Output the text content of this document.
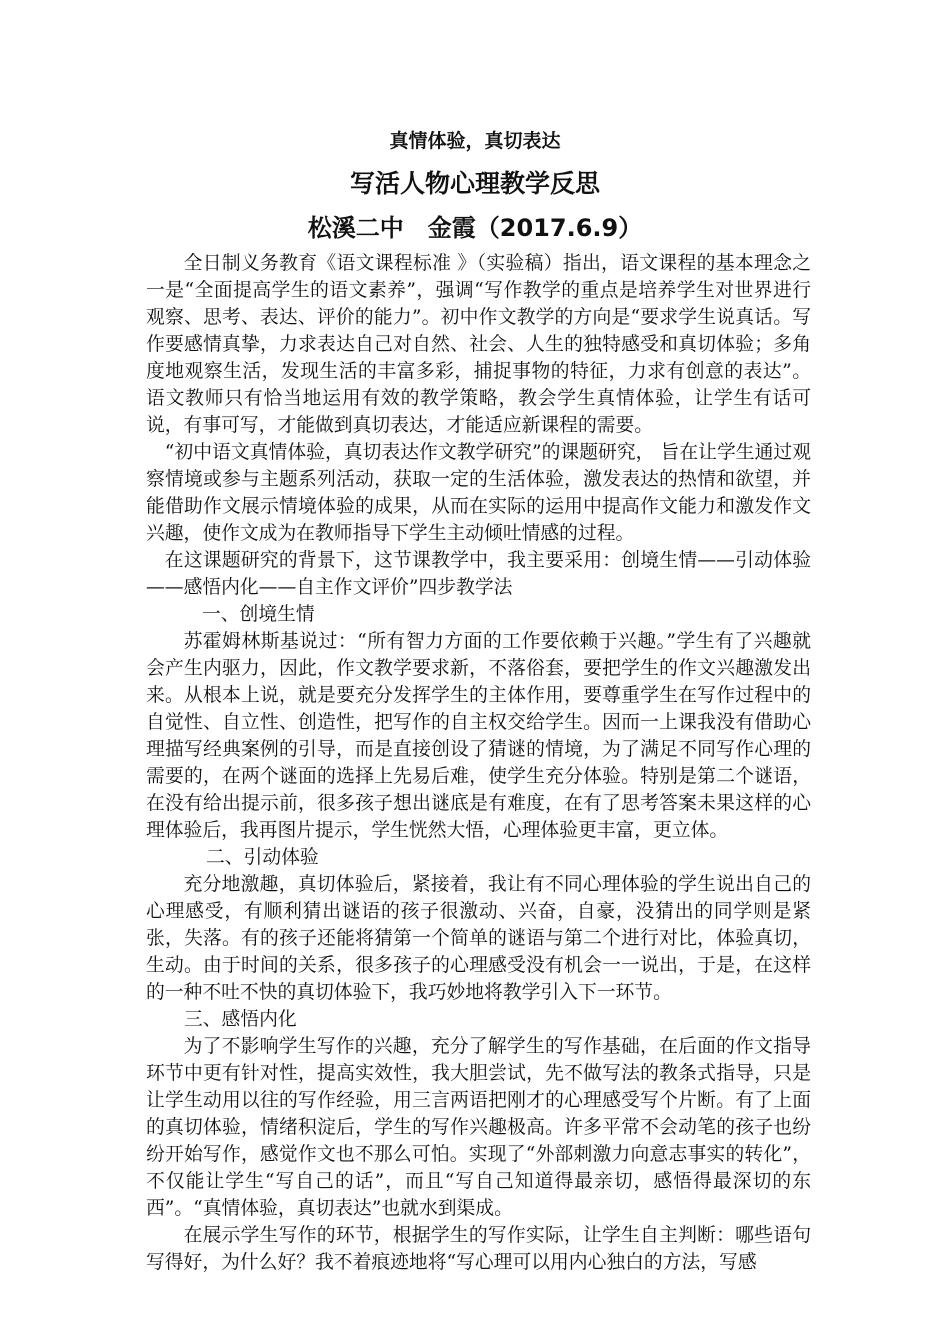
真情体验，真切表达
写活人物心理教学反思
松溪二中　金霞（2017.6.9）

全日制义务教育《语文课程标准 》（实验稿）指出，语文课程的基本理念之一是“全面提高学生的语文素养”，强调“写作教学的重点是培养学生对世界进行观察、思考、表达、评价的能力”。初中作文教学的方向是“要求学生说真话。写作要感情真挚，力求表达自己对自然、社会、人生的独特感受和真切体验；多角度地观察生活，发现生活的丰富多彩，捕捉事物的特征，力求有创意的表达”。语文教师只有恰当地运用有效的教学策略，教会学生真情体验，让学生有话可说，有事可写，才能做到真切表达，才能适应新课程的需要。

“初中语文真情体验，真切表达作文教学研究”的课题研究， 旨在让学生通过观察情境或参与主题系列活动，获取一定的生活体验，激发表达的热情和欲望，并能借助作文展示情境体验的成果，从而在实际的运用中提高作文能力和激发作文兴趣，使作文成为在教师指导下学生主动倾吐情感的过程。

在这课题研究的背景下，这节课教学中，我主要采用：创境生情——引动体验——感悟内化——自主作文评价”四步教学法

一、创境生情

苏霍姆林斯基说过：“所有智力方面的工作要依赖于兴趣。”学生有了兴趣就会产生内驱力，因此，作文教学要求新，不落俗套，要把学生的作文兴趣激发出来。从根本上说，就是要充分发挥学生的主体作用，要尊重学生在写作过程中的自觉性、自立性、创造性，把写作的自主权交给学生。因而一上课我没有借助心理描写经典案例的引导，而是直接创设了猜谜的情境，为了满足不同写作心理的需要的，在两个谜面的选择上先易后难，使学生充分体验。特别是第二个谜语，在没有给出提示前，很多孩子想出谜底是有难度，在有了思考答案未果这样的心理体验后，我再图片提示，学生恍然大悟，心理体验更丰富，更立体。

二、引动体验

充分地激趣，真切体验后，紧接着，我让有不同心理体验的学生说出自己的心理感受，有顺利猜出谜语的孩子很激动、兴奋，自豪，没猜出的同学则是紧张，失落。有的孩子还能将猜第一个简单的谜语与第二个进行对比，体验真切，生动。由于时间的关系，很多孩子的心理感受没有机会一一说出，于是，在这样的一种不吐不快的真切体验下，我巧妙地将教学引入下一环节。

三、感悟内化

为了不影响学生写作的兴趣，充分了解学生的写作基础，在后面的作文指导环节中更有针对性，提高实效性，我大胆尝试，先不做写法的教条式指导，只是让学生动用以往的写作经验，用三言两语把刚才的心理感受写个片断。有了上面的真切体验，情绪积淀后，学生的写作兴趣极高。许多平常不会动笔的孩子也纷纷开始写作，感觉作文也不那么可怕。实现了“外部刺激力向意志事实的转化”， 不仅能让学生“写自己的话”，而且“写自己知道得最亲切，感悟得最深切的东西”。“真情体验，真切表达”也就水到渠成。

在展示学生写作的环节，根据学生的写作实际，让学生自主判断：哪些语句写得好，为什么好？我不着痕迹地将“写心理可以用内心独白的方法，写感
